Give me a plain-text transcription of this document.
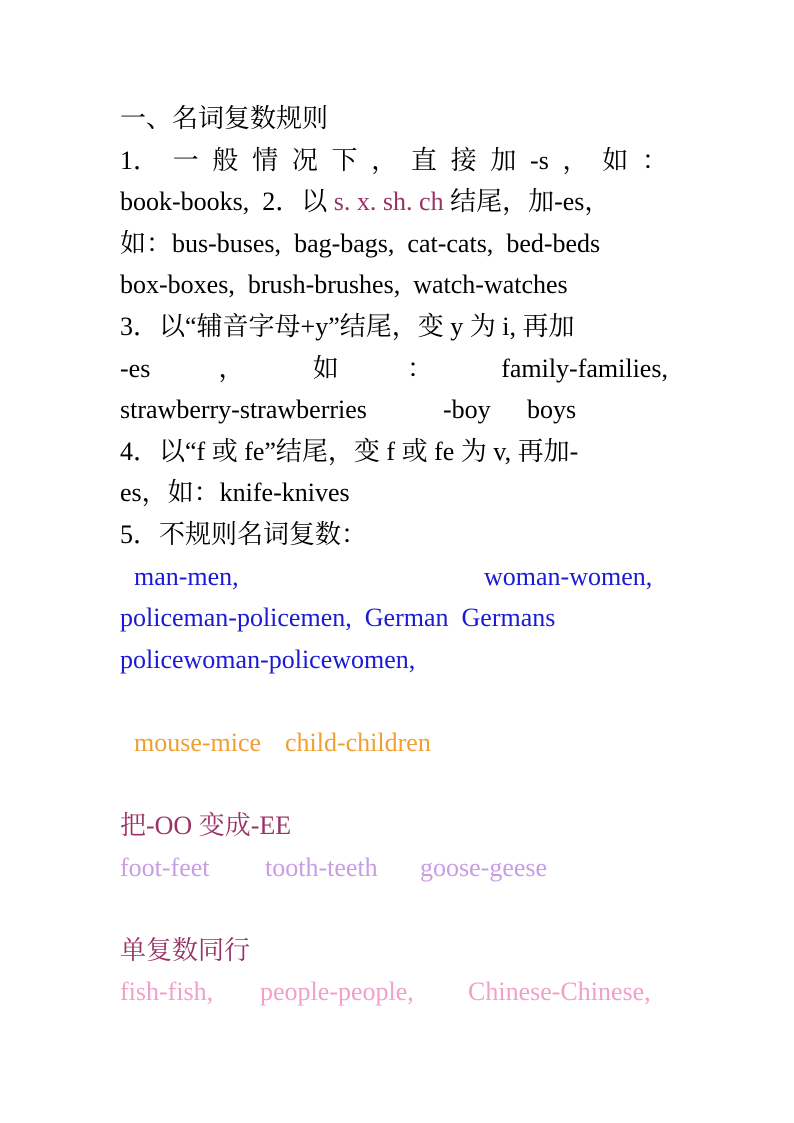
一、名词复数规则
1． 一 般 情 况 下 ， 直 接 加 -s ， 如 ：
book-books, 2．以 s. x. sh. ch 结尾，加-es，
如：bus-buses, bag-bags, cat-cats, bed-beds
box-boxes, brush-brushes, watch-watches
3．以“辅音字母+y”结尾，变 y 为 i, 再加
-es	，	如	：	family-families,
strawberry-strawberries	-boy boys
4．以“f 或 fe”结尾，变 f 或 fe 为 v, 再加-
es，如：knife-knives
5．不规则名词复数：
man-men,	woman-women,
policeman-policemen, German Germans
policewoman-policewomen,
mouse-mice child-children
把-OO 变成-EE
foot-feet tooth-teeth goose-geese
单复数同行
fish-fish, people-people, Chinese-Chinese,
